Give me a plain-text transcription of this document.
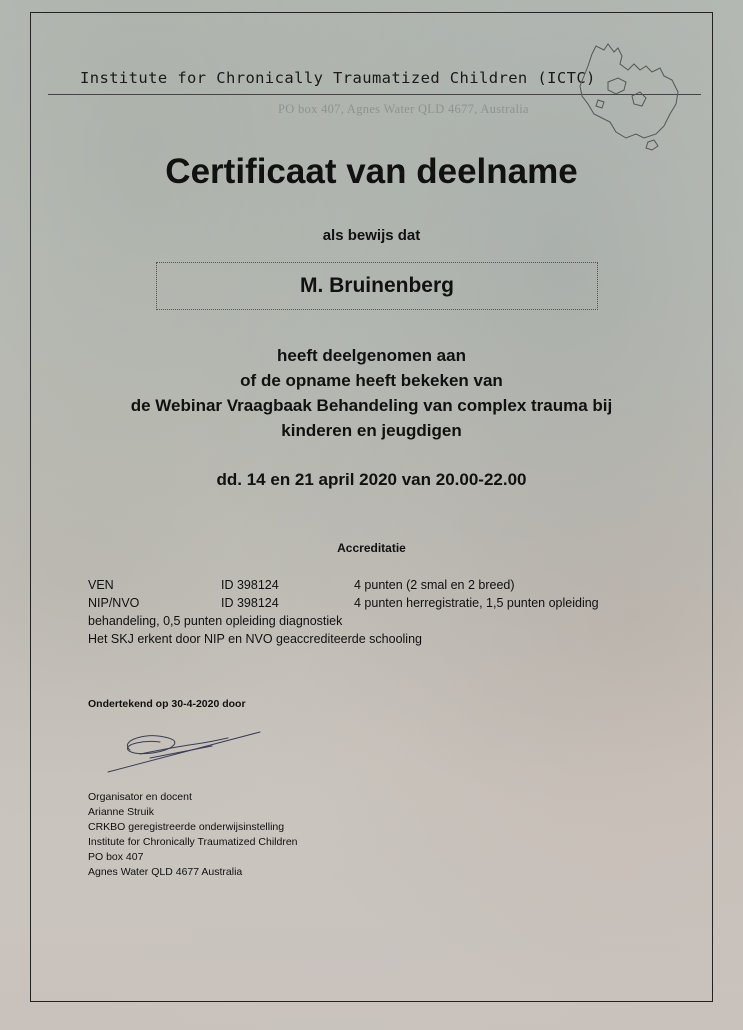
Institute for Chronically Traumatized Children (ICTC)
PO box 407, Agnes Water QLD 4677, Australia
Certificaat van deelname
als bewijs dat
M. Bruinenberg
heeft deelgenomen aan
of de opname heeft bekeken van
de Webinar Vraagbaak Behandeling van complex trauma bij
kinderen en jeugdigen
dd. 14 en 21 april 2020 van 20.00-22.00
Accreditatie
VEN	ID 398124	4 punten (2 smal en 2 breed)
NIP/NVO	ID 398124	4 punten herregistratie, 1,5 punten opleiding
behandeling, 0,5 punten opleiding diagnostiek
Het SKJ erkent door NIP en NVO geaccrediteerde schooling
Ondertekend op 30-4-2020 door
Organisator en docent
Arianne Struik
CRKBO geregistreerde onderwijsinstelling
Institute for Chronically Traumatized Children
PO box 407
Agnes Water QLD 4677 Australia
